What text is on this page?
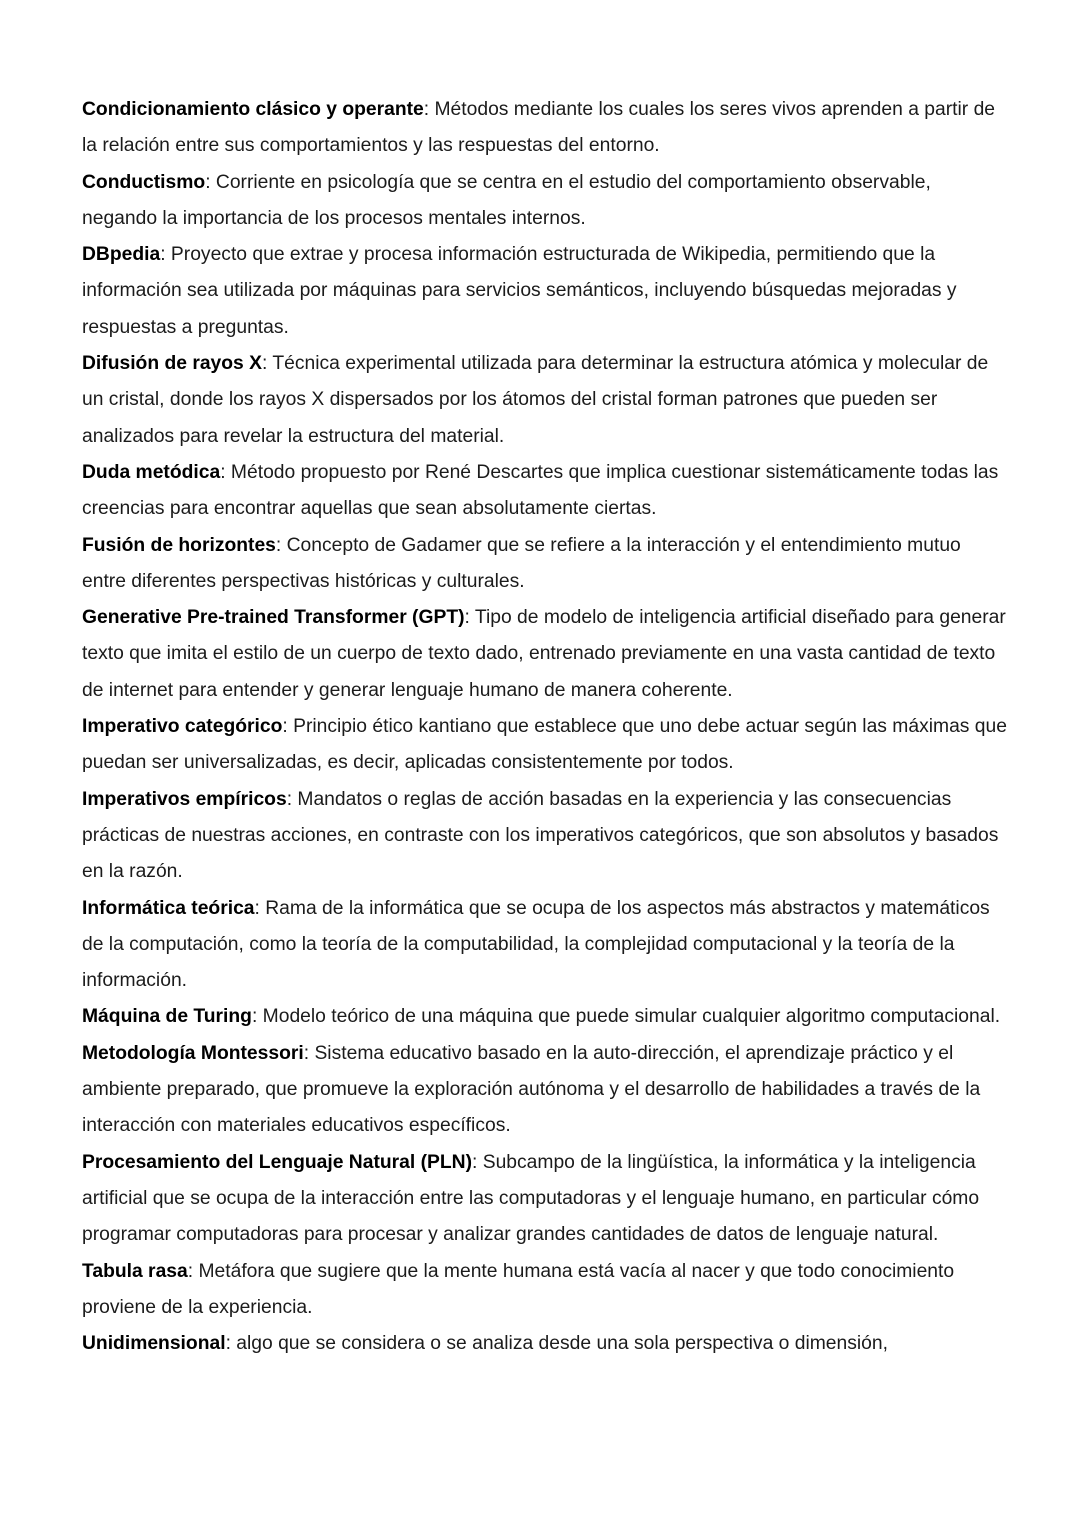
Condicionamiento clásico y operante: Métodos mediante los cuales los seres vivos aprenden a partir de la relación entre sus comportamientos y las respuestas del entorno.

Conductismo: Corriente en psicología que se centra en el estudio del comportamiento observable, negando la importancia de los procesos mentales internos.

DBpedia: Proyecto que extrae y procesa información estructurada de Wikipedia, permitiendo que la información sea utilizada por máquinas para servicios semánticos, incluyendo búsquedas mejoradas y respuestas a preguntas.

Difusión de rayos X: Técnica experimental utilizada para determinar la estructura atómica y molecular de un cristal, donde los rayos X dispersados por los átomos del cristal forman patrones que pueden ser analizados para revelar la estructura del material.

Duda metódica: Método propuesto por René Descartes que implica cuestionar sistemáticamente todas las creencias para encontrar aquellas que sean absolutamente ciertas.

Fusión de horizontes: Concepto de Gadamer que se refiere a la interacción y el entendimiento mutuo entre diferentes perspectivas históricas y culturales.

Generative Pre-trained Transformer (GPT): Tipo de modelo de inteligencia artificial diseñado para generar texto que imita el estilo de un cuerpo de texto dado, entrenado previamente en una vasta cantidad de texto de internet para entender y generar lenguaje humano de manera coherente.

Imperativo categórico: Principio ético kantiano que establece que uno debe actuar según las máximas que puedan ser universalizadas, es decir, aplicadas consistentemente por todos.

Imperativos empíricos: Mandatos o reglas de acción basadas en la experiencia y las consecuencias prácticas de nuestras acciones, en contraste con los imperativos categóricos, que son absolutos y basados en la razón.

Informática teórica: Rama de la informática que se ocupa de los aspectos más abstractos y matemáticos de la computación, como la teoría de la computabilidad, la complejidad computacional y la teoría de la información.

Máquina de Turing: Modelo teórico de una máquina que puede simular cualquier algoritmo computacional.

Metodología Montessori: Sistema educativo basado en la auto-dirección, el aprendizaje práctico y el ambiente preparado, que promueve la exploración autónoma y el desarrollo de habilidades a través de la interacción con materiales educativos específicos.

Procesamiento del Lenguaje Natural (PLN): Subcampo de la lingüística, la informática y la inteligencia artificial que se ocupa de la interacción entre las computadoras y el lenguaje humano, en particular cómo programar computadoras para procesar y analizar grandes cantidades de datos de lenguaje natural.

Tabula rasa: Metáfora que sugiere que la mente humana está vacía al nacer y que todo conocimiento proviene de la experiencia.

Unidimensional: algo que se considera o se analiza desde una sola perspectiva o dimensión,
